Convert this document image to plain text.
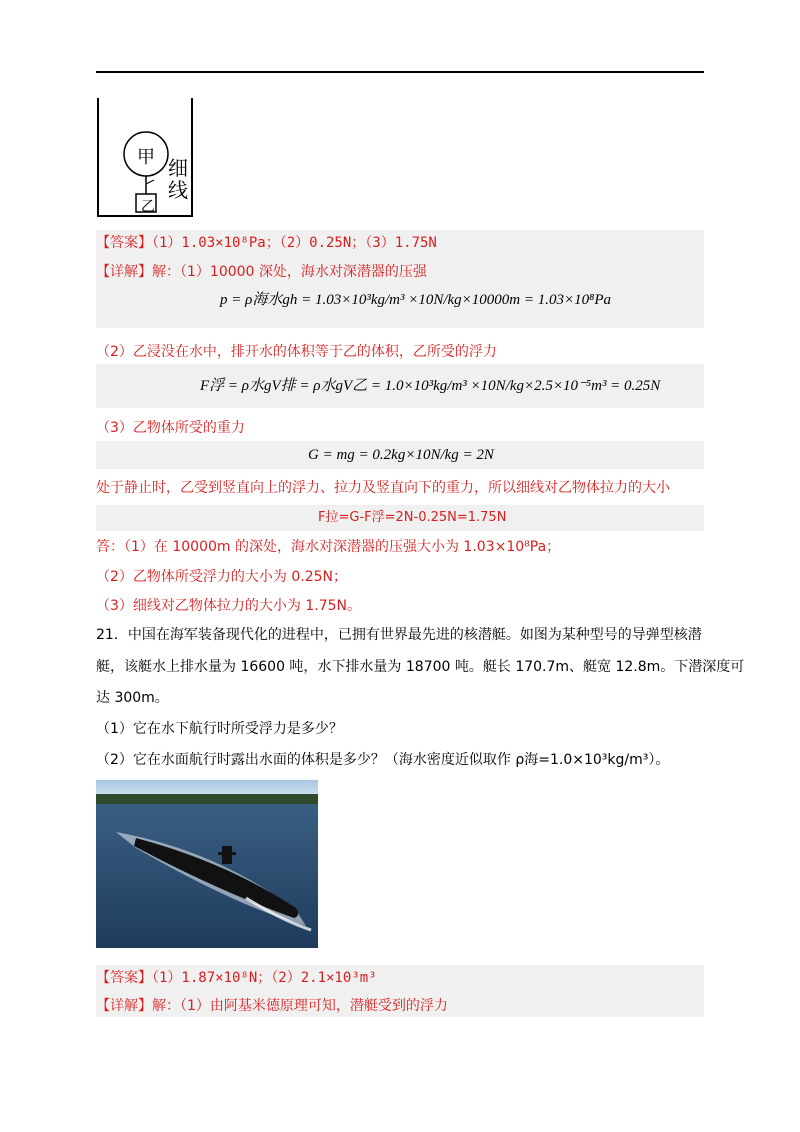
甲
乙
细
线
【答案】（1）1.03×10⁸Pa；（2）0.25N；（3）1.75N
【详解】解：（1）10000 深处，海水对深潜器的压强
p = ρ海水gh = 1.03×10³kg/m³ ×10N/kg×10000m = 1.03×10⁸Pa
（2）乙浸没在水中，排开水的体积等于乙的体积，乙所受的浮力
F浮 = ρ水gV排 = ρ水gV乙 = 1.0×10³kg/m³ ×10N/kg×2.5×10⁻⁵m³ = 0.25N
（3）乙物体所受的重力
G = mg = 0.2kg×10N/kg = 2N
处于静止时，乙受到竖直向上的浮力、拉力及竖直向下的重力，所以细线对乙物体拉力的大小
F拉=G-F浮=2N-0.25N=1.75N
答：（1）在 10000m 的深处，海水对深潜器的压强大小为 1.03×10⁸Pa；
（2）乙物体所受浮力的大小为 0.25N；
（3）细线对乙物体拉力的大小为 1.75N。
21．中国在海军装备现代化的进程中，已拥有世界最先进的核潜艇。如图为某种型号的导弹型核潜
艇，该艇水上排水量为 16600 吨，水下排水量为 18700 吨。艇长 170.7m、艇宽 12.8m。下潜深度可
达 300m。
（1）它在水下航行时所受浮力是多少？
（2）它在水面航行时露出水面的体积是多少？（海水密度近似取作 ρ海=1.0×10³kg/m³）。
【答案】（1）1.87×10⁸N；（2）2.1×10³m³
【详解】解：（1）由阿基米德原理可知，潜艇受到的浮力
